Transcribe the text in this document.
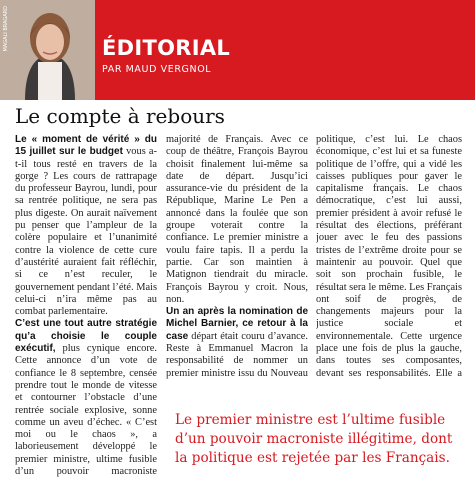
MAGALI BRAGARD	ÉDITORIAL
PAR MAUD VERGNOL
Le compte à rebours

Le « moment de vérité » du 15 juillet sur le budget vous a-t-il tous resté en travers de la gorge ? Les cours de rattrapage du professeur Bayrou, lundi, pour sa rentrée politique, ne sera pas plus digeste. On aurait naïvement pu penser que l’ampleur de la colère populaire et l’unanimité contre la violence de cette cure d’austérité auraient fait réfléchir, si ce n’est reculer, le gouvernement pendant l’été. Mais celui-ci n’ira même pas au combat parlementaire.

C’est une tout autre stratégie qu’a choisie le couple exécutif, plus cynique encore. Cette annonce d’un vote de confiance le 8 septembre, censée prendre tout le monde de vitesse et contourner l’obstacle d’une rentrée sociale explosive, sonne comme un aveu d’échec. « C’est moi ou le chaos », a laborieusement développé le premier ministre, ultime fusible d’un pouvoir macroniste

majorité de Français. Avec ce coup de théâtre, François Bayrou choisit finalement lui-même sa date de départ. Jusqu’ici assurance-vie du président de la République, Marine Le Pen a annoncé dans la foulée que son groupe voterait contre la confiance. Le premier ministre a voulu faire tapis. Il a perdu la partie. Car son maintien à Matignon tiendrait du miracle. François Bayrou y croit. Nous, non.

Un an après la nomination de Michel Barnier, ce retour à la case départ était couru d’avance. Reste à Emmanuel Macron la responsabilité de nommer un premier ministre issu du Nouveau

politique, c’est lui. Le chaos économique, c’est lui et sa funeste politique de l’offre, qui a vidé les caisses publiques pour gaver le capitalisme français. Le chaos démocratique, c’est lui aussi, premier président à avoir refusé le résultat des élections, préférant jouer avec le feu des passions tristes de l’extrême droite pour se maintenir au pouvoir. Quel que soit son prochain fusible, le résultat sera le même. Les Français ont soif de progrès, de changements majeurs pour la justice sociale et environnementale. Cette urgence place une fois de plus la gauche, dans toutes ses composantes, devant ses responsabilités. Elle a

Le premier ministre est l’ultime fusible d’un pouvoir macroniste illégitime, dont la politique est rejetée par les Français.
